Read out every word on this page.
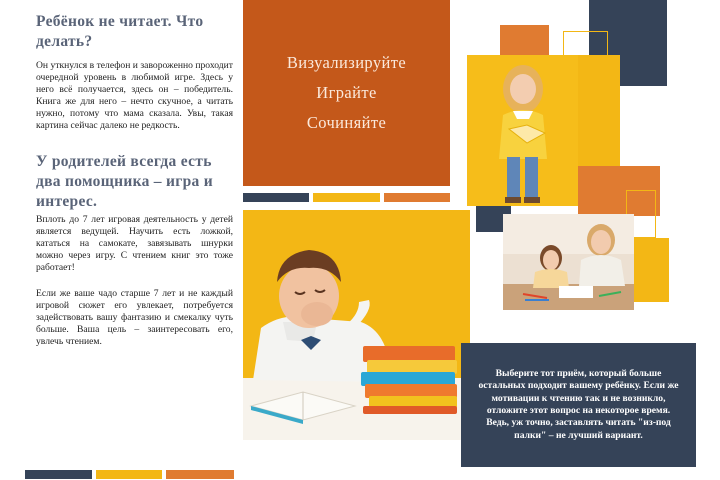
Ребёнок не читает. Что делать?
Он уткнулся в телефон и завороженно проходит очередной уровень в любимой игре. Здесь у него всё получается, здесь он – победитель. Книга же для него – нечто скучное, а читать нужно, потому что мама сказала. Увы, такая картина сейчас далеко не редкость.
У родителей всегда есть два помощника – игра и интерес.
Вплоть до 7 лет игровая деятельность у детей является ведущей. Научить есть ложкой, кататься на самокате, завязывать шнурки можно через игру. С чтением книг это тоже работает!
Если же ваше чадо старше 7 лет и не каждый игровой сюжет его увлекает, потребуется задействовать вашу фантазию и смекалку чуть больше. Ваша цель – заинтересовать его, увлечь чтением.
Визуализируйте
Играйте
Сочиняйте

Выберите тот приём, который больше остальных подходит вашему ребёнку. Если же мотивации к чтению так и не возникло, отложите этот вопрос на некоторое время. Ведь, уж точно, заставлять читать "из-под палки" – не лучший вариант.
